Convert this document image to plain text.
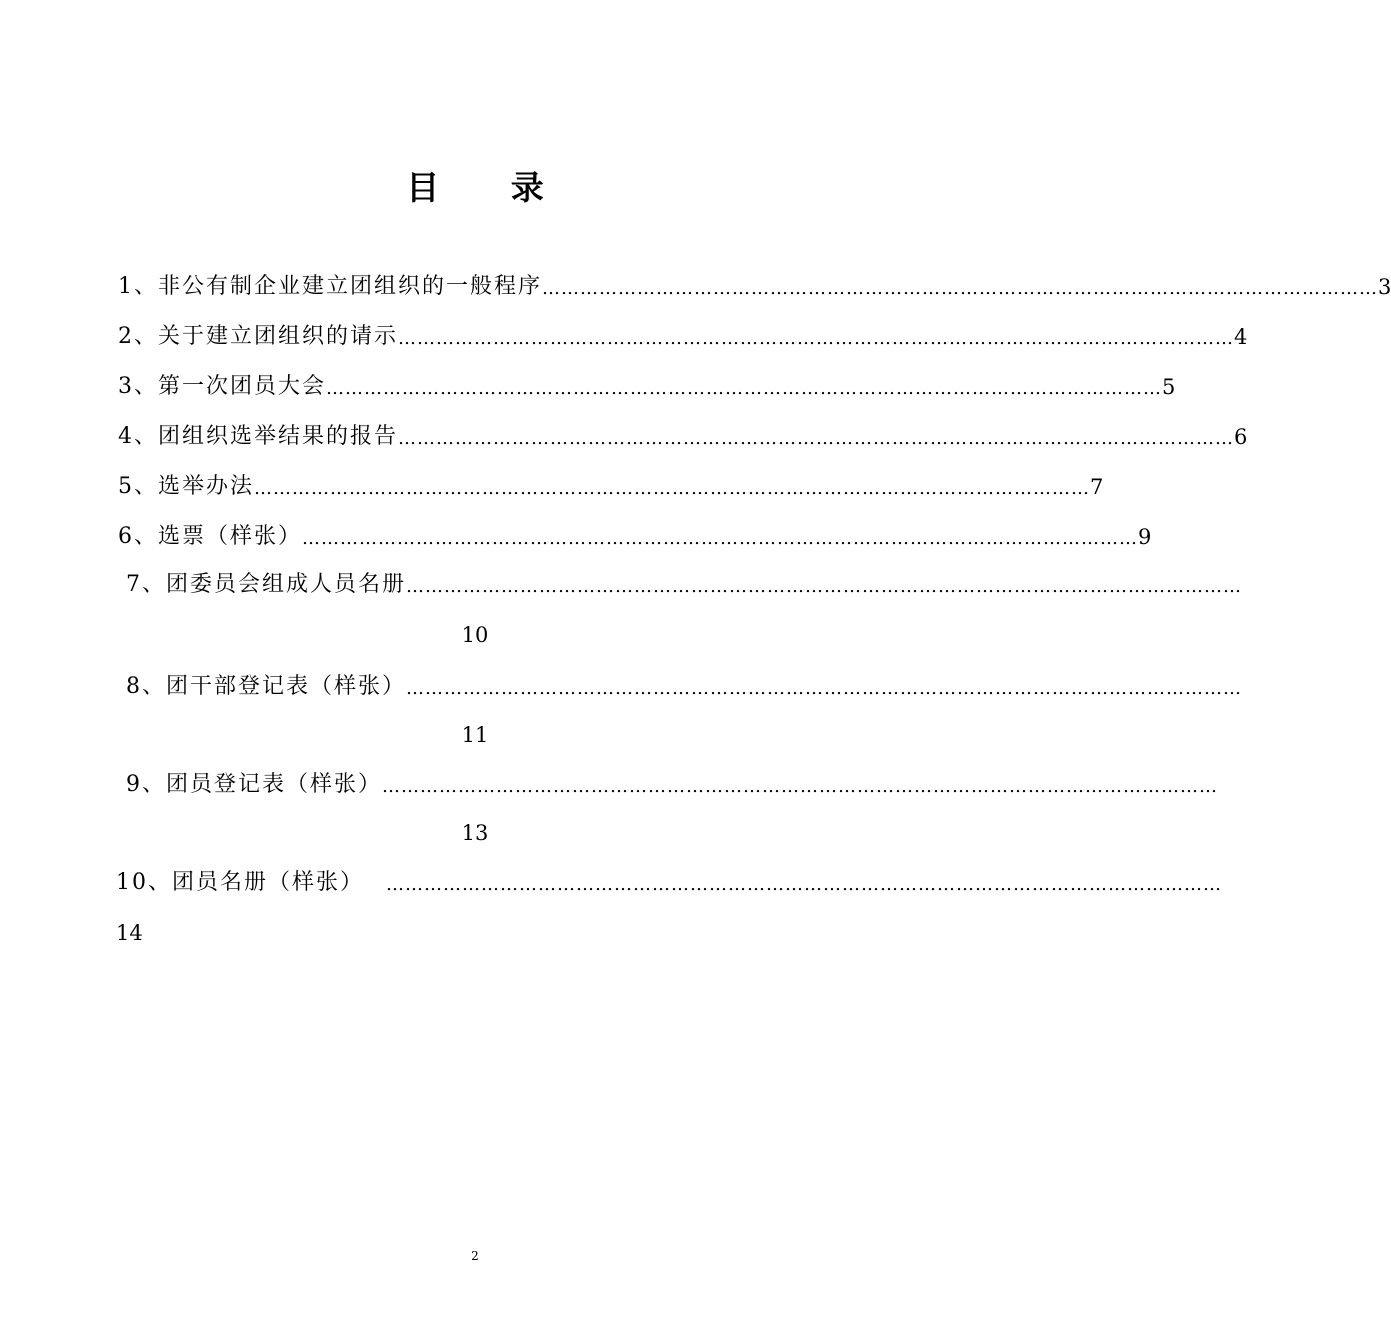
目 录
1、非公有制企业建立团组织的一般程序 …………………………………………………………………………………………………………………… 3
2、关于建立团组织的请示 …………………………………………………………………………………………………………………… 4
3、第一次团员大会 …………………………………………………………………………………………………………………… 5
4、团组织选举结果的报告 …………………………………………………………………………………………………………………… 6
5、选举办法 …………………………………………………………………………………………………………………… 7
6、选票（样张） …………………………………………………………………………………………………………………… 9
7、团委员会组成人员名册 ……………………………………………………………………………………………………………………
10
8、团干部登记表（样张） ……………………………………………………………………………………………………………………
11
9、团员登记表（样张） ……………………………………………………………………………………………………………………
13
10、团员名册（样张）	……………………………………………………………………………………………………………………
14
2
